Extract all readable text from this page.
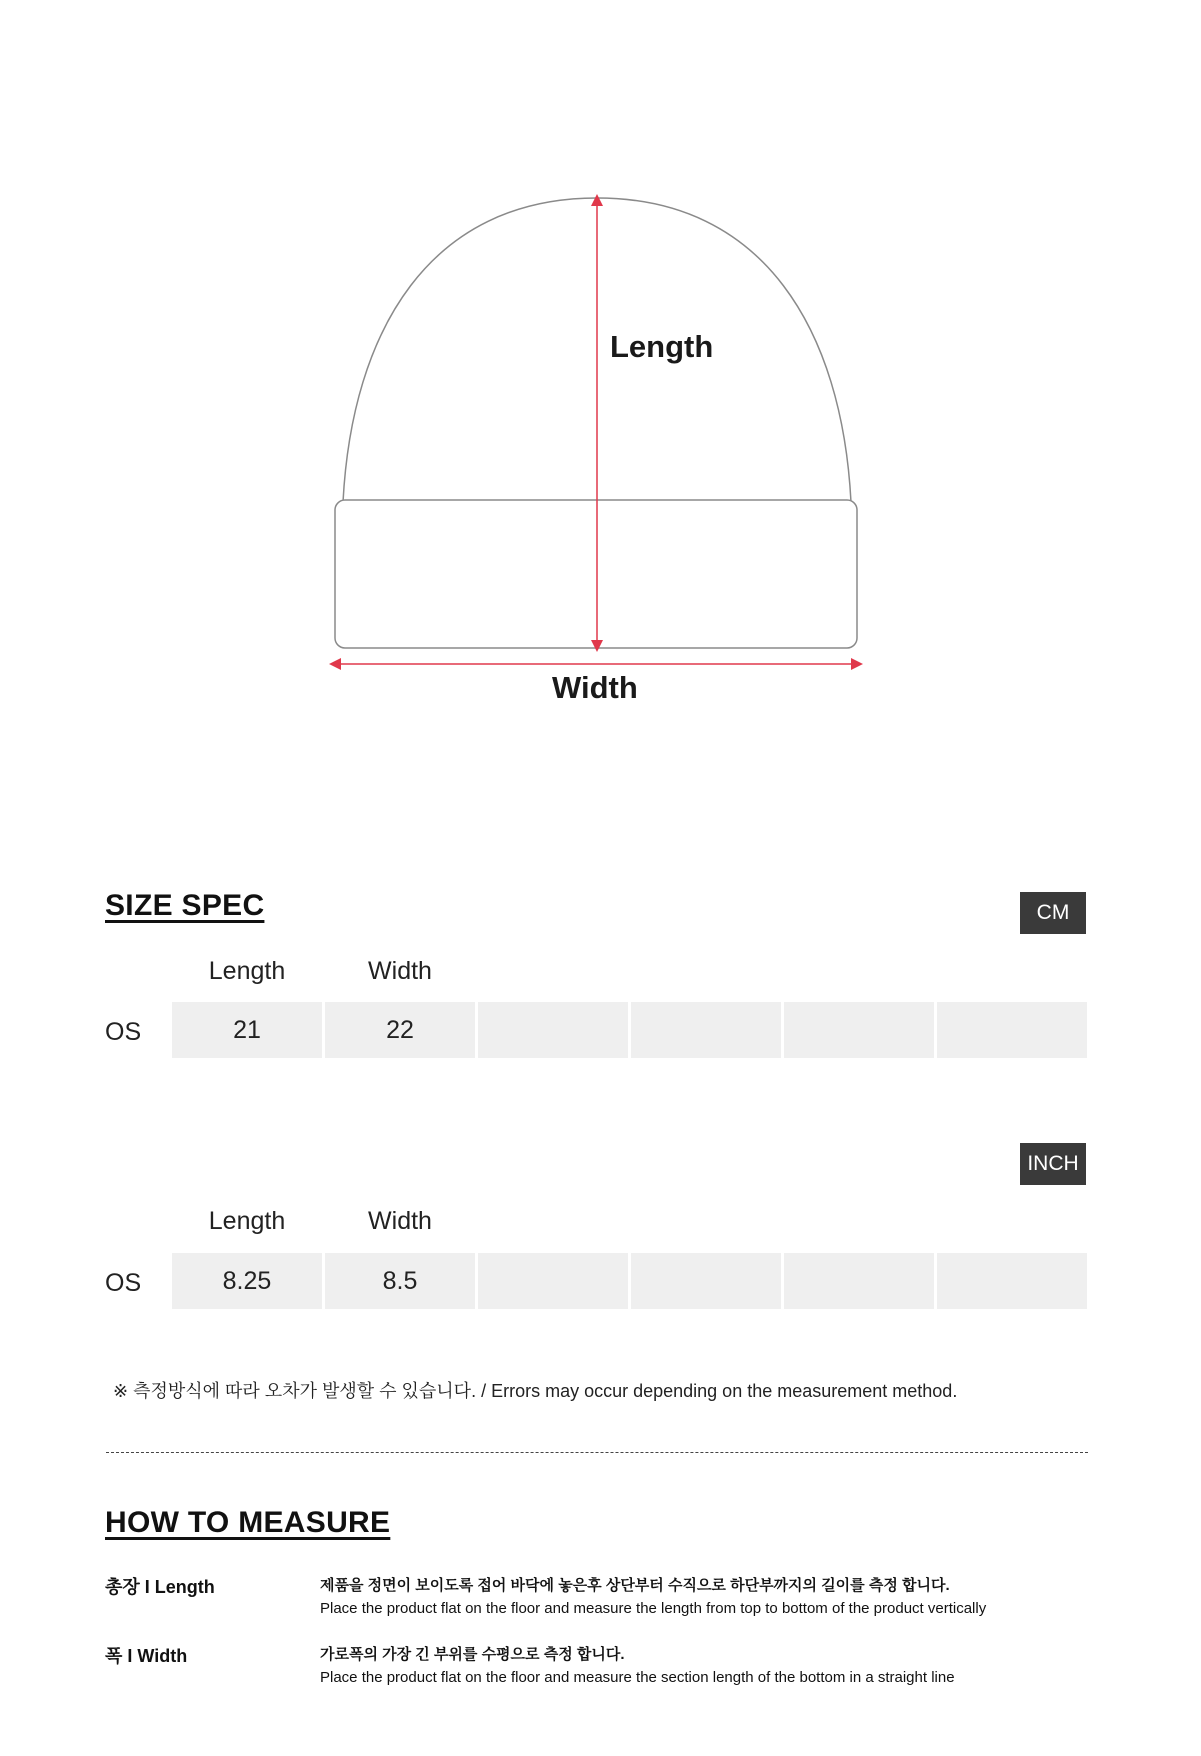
Length
Width
SIZE SPEC	CM
Length	Width
OS	21	22
INCH
Length	Width
OS	8.25	8.5
※ 측정방식에 따라 오차가 발생할 수 있습니다. / Errors may occur depending on the measurement method.
HOW TO MEASURE
총장 I Length	제품을 정면이 보이도록 접어 바닥에 놓은후 상단부터 수직으로 하단부까지의 길이를 측정 합니다.
Place the product flat on the floor and measure the length from top to bottom of the product vertically
폭 I Width	가로폭의 가장 긴 부위를 수평으로 측정 합니다.
Place the product flat on the floor and measure the section length of the bottom in a straight line
